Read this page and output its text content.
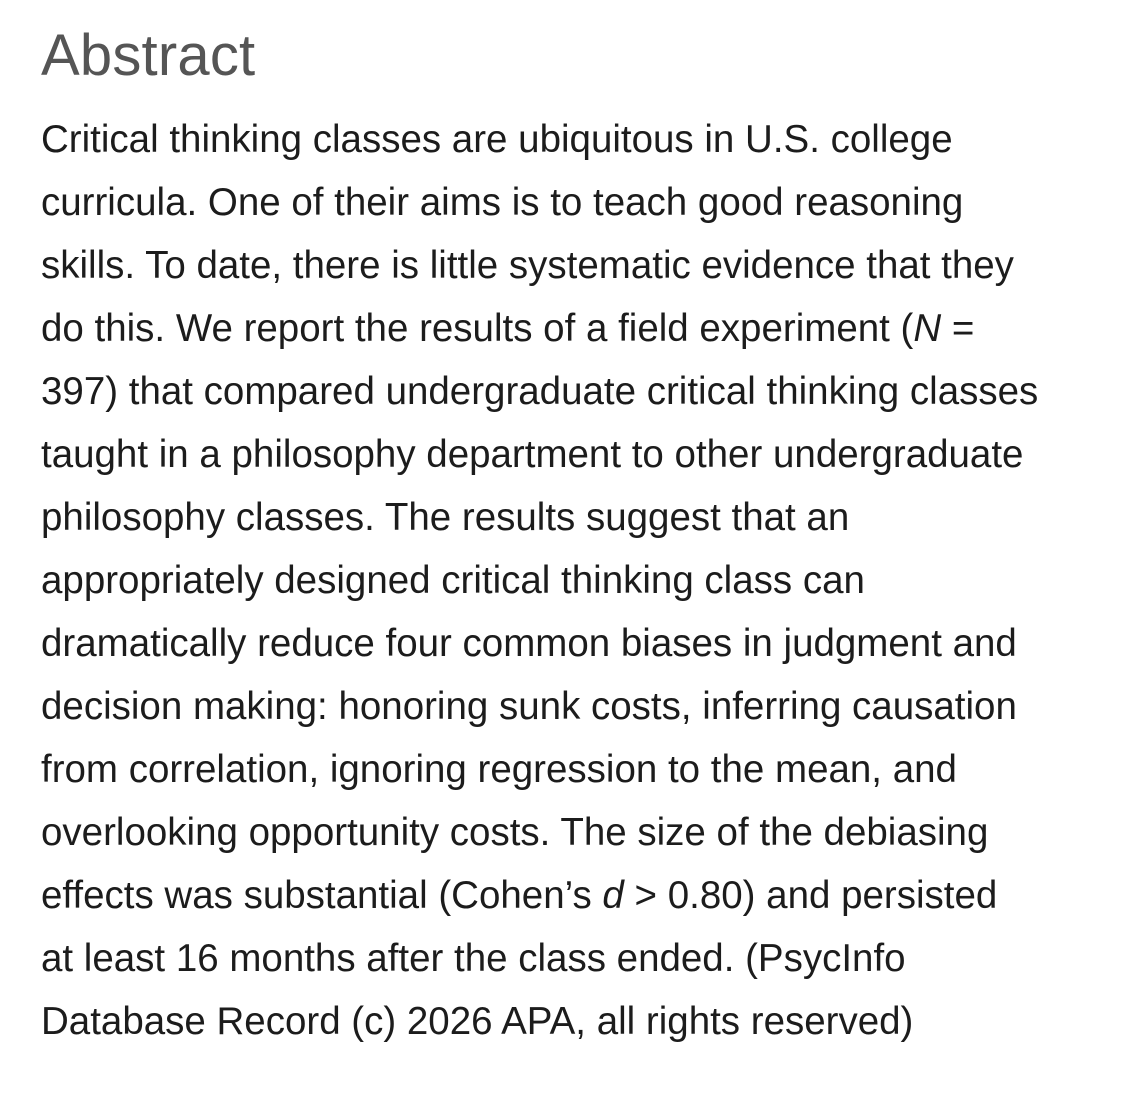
Abstract
Critical thinking classes are ubiquitous in U.S. college
curricula. One of their aims is to teach good reasoning
skills. To date, there is little systematic evidence that they
do this. We report the results of a field experiment (N =
397) that compared undergraduate critical thinking classes
taught in a philosophy department to other undergraduate
philosophy classes. The results suggest that an
appropriately designed critical thinking class can
dramatically reduce four common biases in judgment and
decision making: honoring sunk costs, inferring causation
from correlation, ignoring regression to the mean, and
overlooking opportunity costs. The size of the debiasing
effects was substantial (Cohen’s d > 0.80) and persisted
at least 16 months after the class ended. (PsycInfo
Database Record (c) 2026 APA, all rights reserved)
